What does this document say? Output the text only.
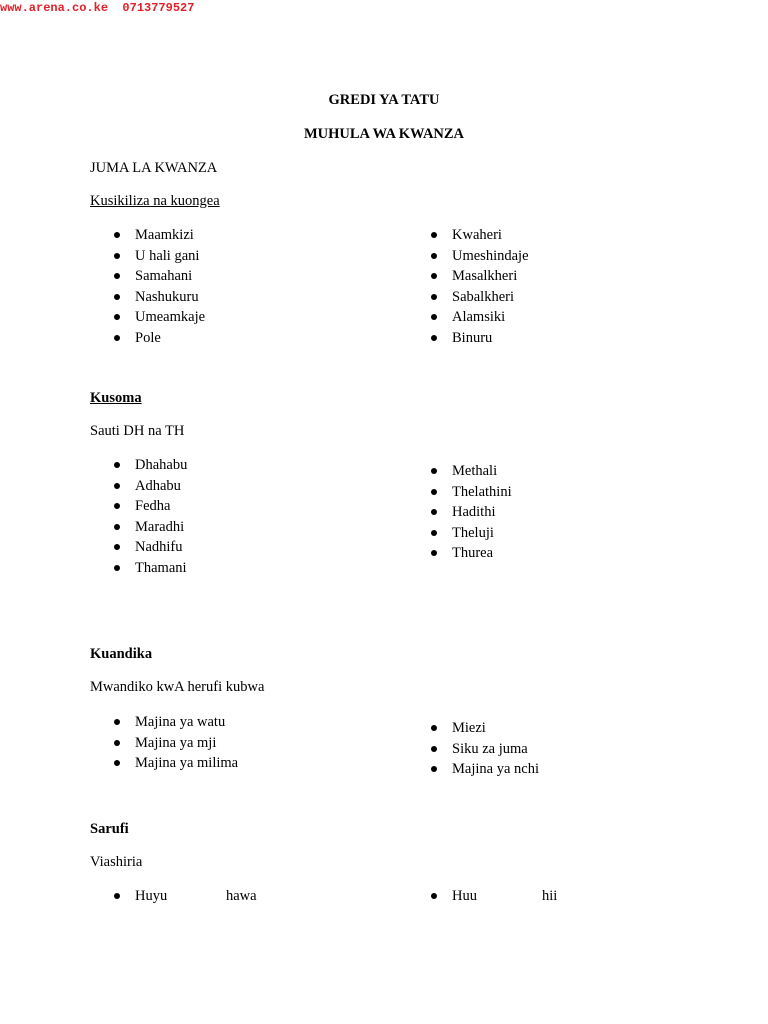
www.arena.co.ke  0713779527
GREDI YA TATU
MUHULA WA KWANZA
JUMA LA KWANZA
Kusikiliza na kuongea
Maamkizi
U hali gani
Samahani
Nashukuru
Umeamkaje
Pole
Kwaheri
Umeshindaje
Masalkheri
Sabalkheri
Alamsiki
Binuru
Kusoma
Sauti DH na TH
Dhahabu
Adhabu
Fedha
Maradhi
Nadhifu
Thamani
Methali
Thelathini
Hadithi
Theluji
Thurea
Kuandika
Mwandiko kwA herufi kubwa
Majina ya watu
Majina ya mji
Majina ya milima
Miezi
Siku za juma
Majina ya nchi
Sarufi
Viashiria
Huyu	hawa	Huu	hii
